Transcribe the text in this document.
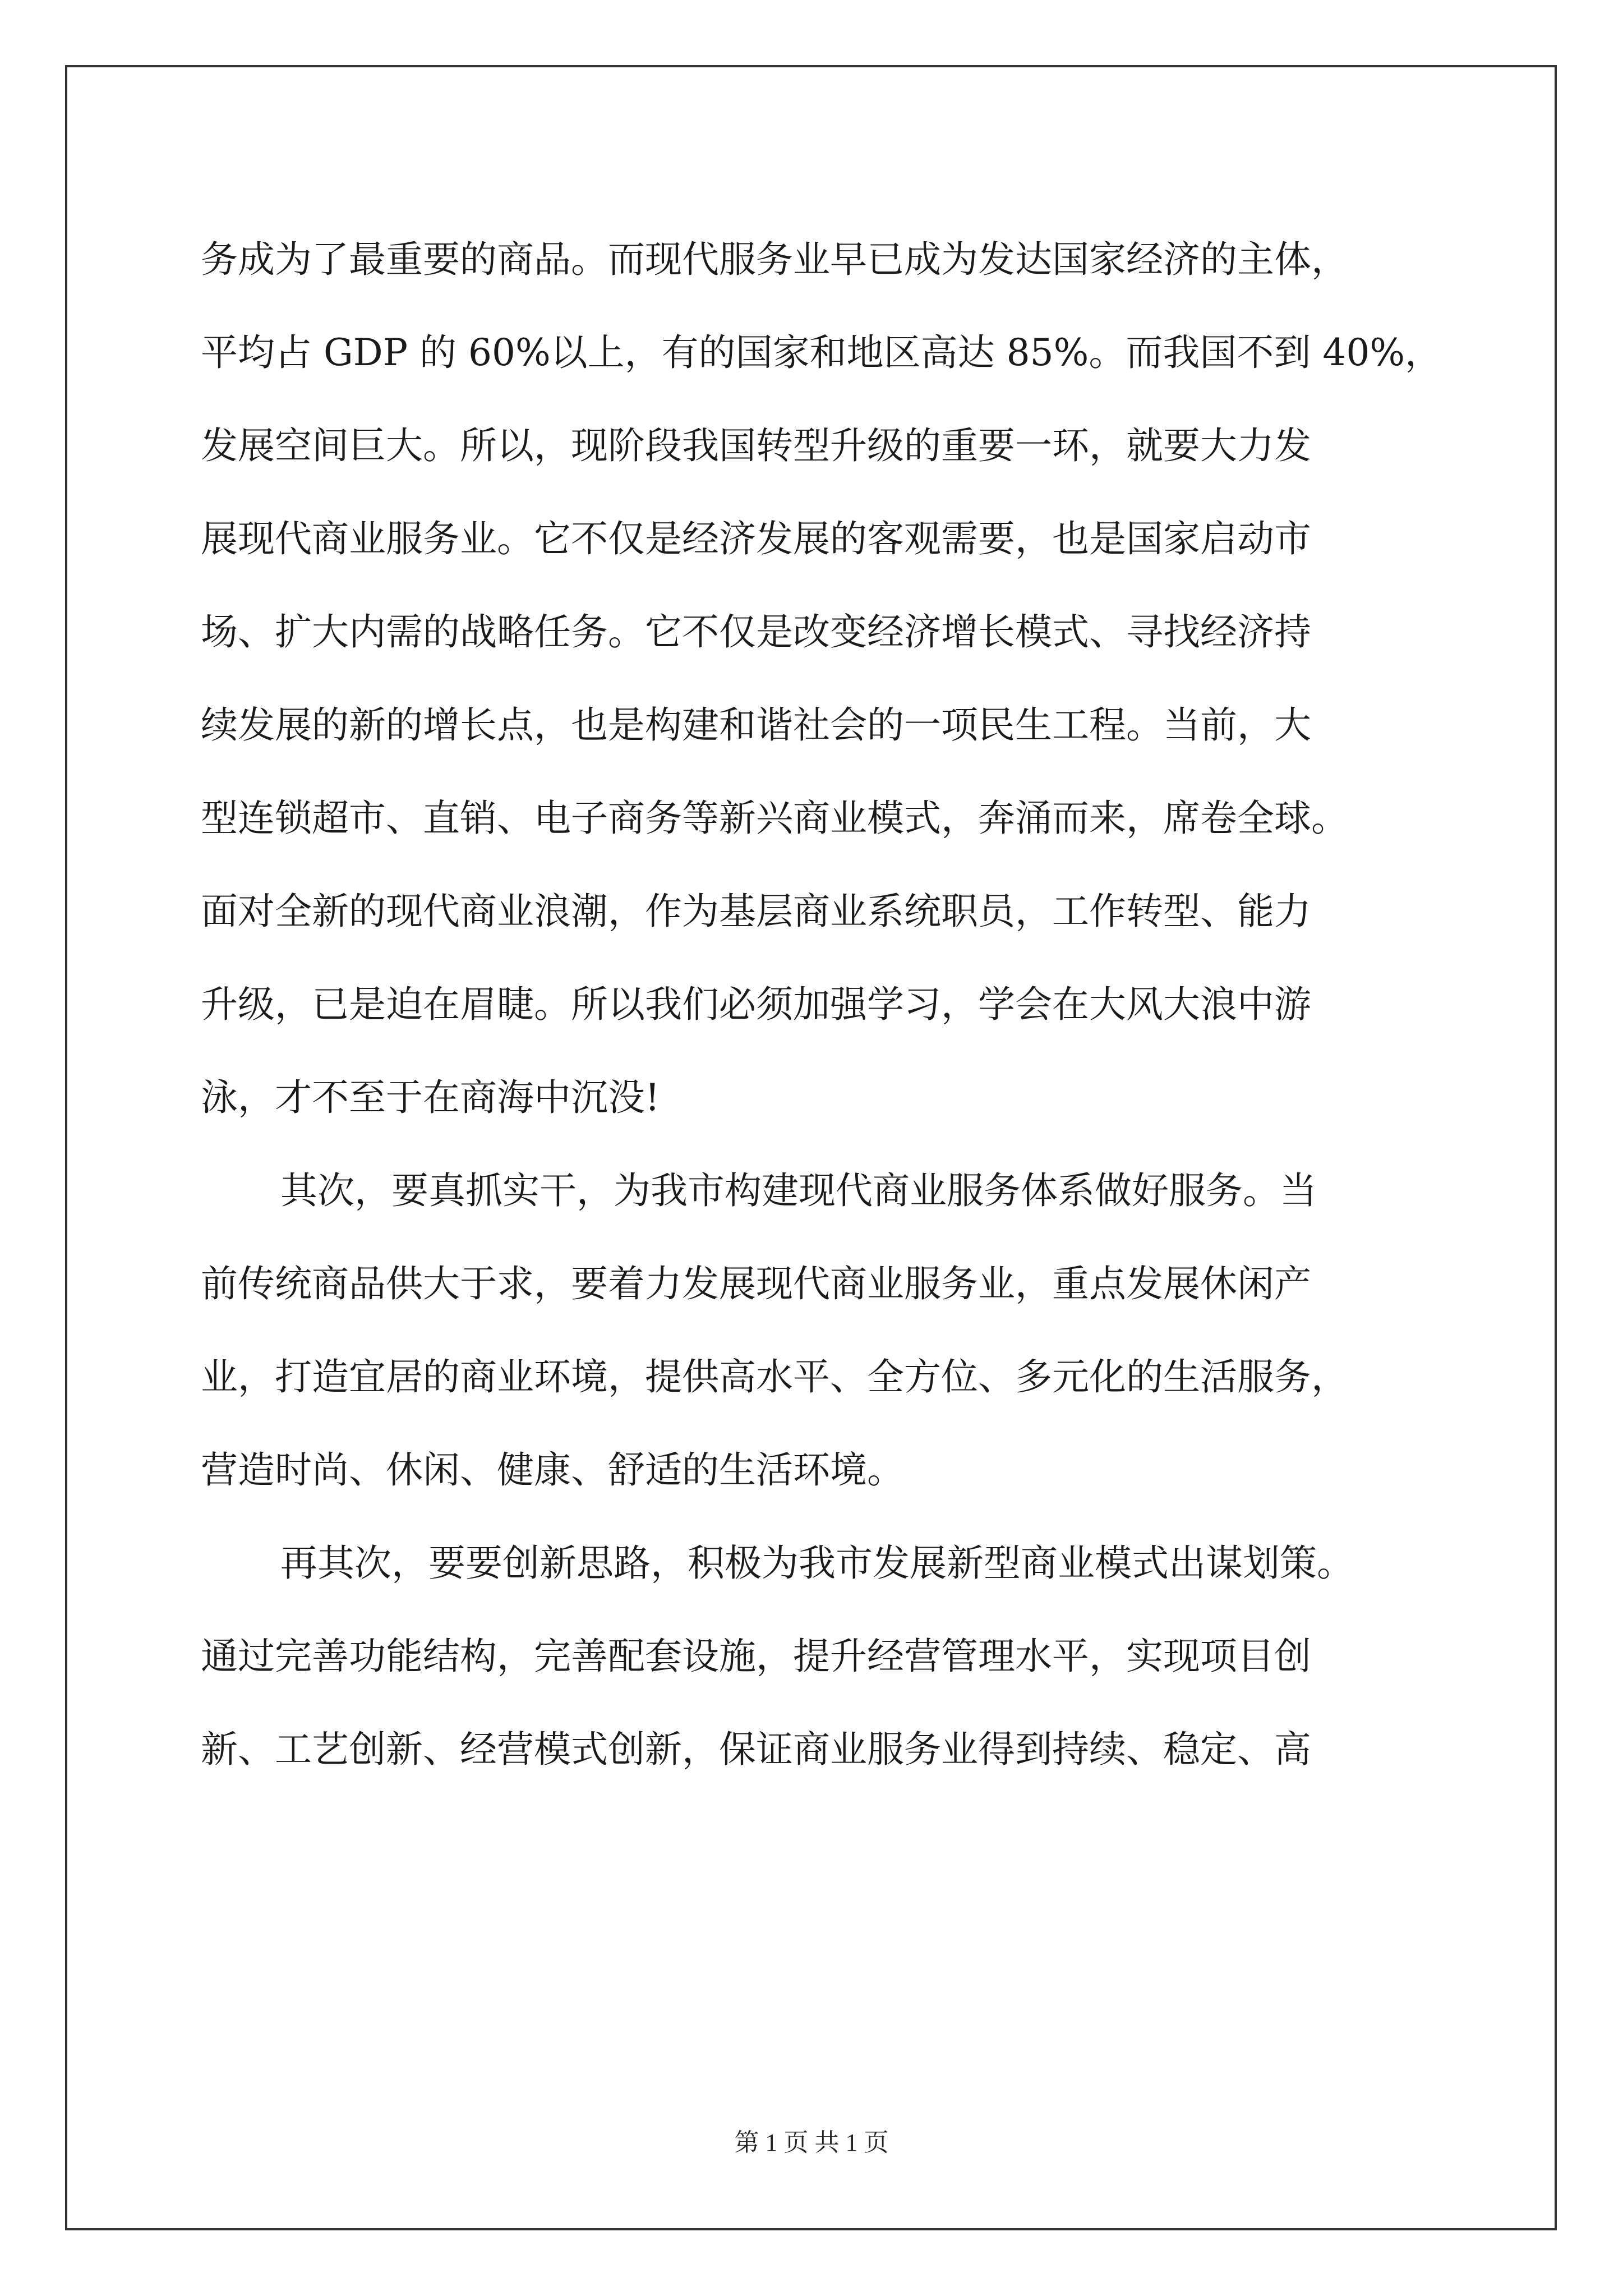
务成为了最重要的商品。而现代服务业早已成为发达国家经济的主体，
平均占 GDP 的 60%以上，有的国家和地区高达 85%。而我国不到 40%，
发展空间巨大。所以，现阶段我国转型升级的重要一环，就要大力发
展现代商业服务业。它不仅是经济发展的客观需要，也是国家启动市
场、扩大内需的战略任务。它不仅是改变经济增长模式、寻找经济持
续发展的新的增长点，也是构建和谐社会的一项民生工程。当前，大
型连锁超市、直销、电子商务等新兴商业模式，奔涌而来，席卷全球。
面对全新的现代商业浪潮，作为基层商业系统职员，工作转型、能力
升级，已是迫在眉睫。所以我们必须加强学习，学会在大风大浪中游
泳，才不至于在商海中沉没!
其次，要真抓实干，为我市构建现代商业服务体系做好服务。当
前传统商品供大于求，要着力发展现代商业服务业，重点发展休闲产
业，打造宜居的商业环境，提供高水平、全方位、多元化的生活服务，
营造时尚、休闲、健康、舒适的生活环境。
再其次，要要创新思路，积极为我市发展新型商业模式出谋划策。
通过完善功能结构，完善配套设施，提升经营管理水平，实现项目创
新、工艺创新、经营模式创新，保证商业服务业得到持续、稳定、高
第 1 页 共 1 页
